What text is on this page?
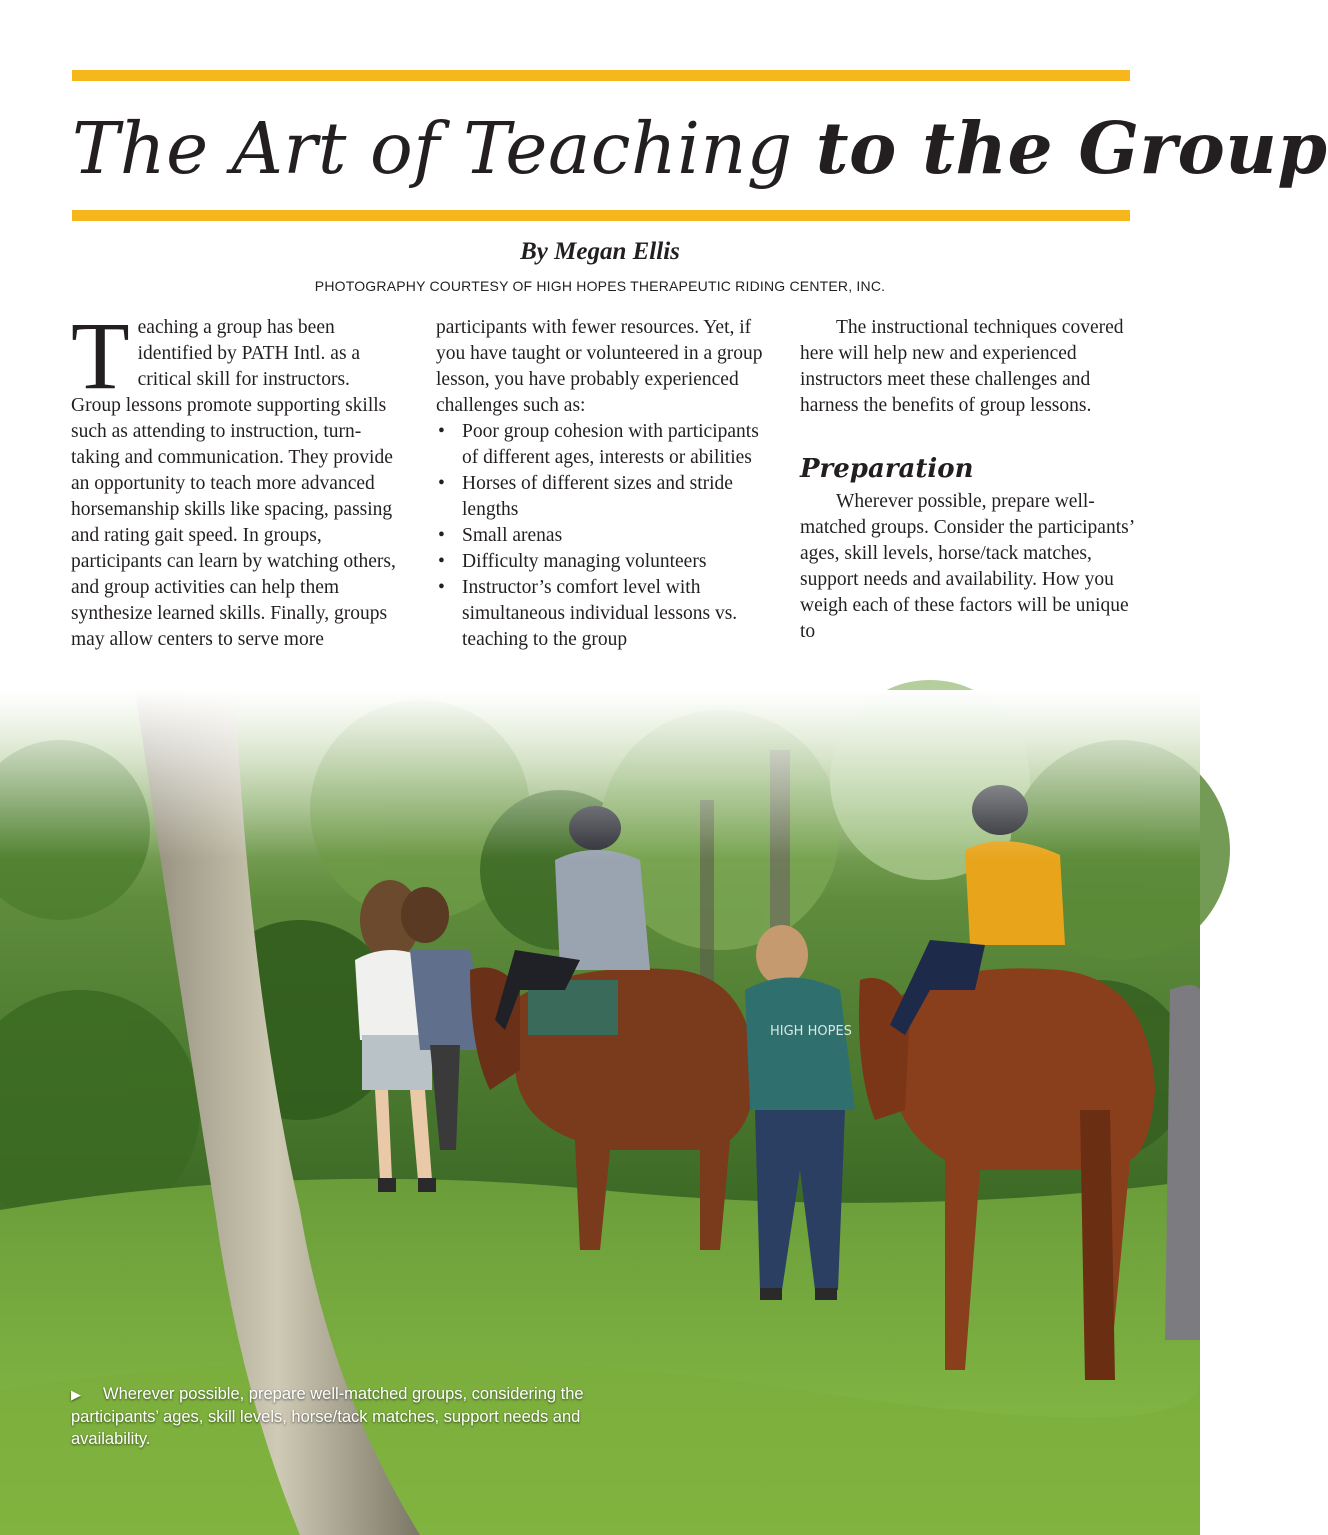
The Art of Teaching to the Group

By Megan Ellis

PHOTOGRAPHY COURTESY OF HIGH HOPES THERAPEUTIC RIDING CENTER, INC.

T eaching a group has been identified by PATH Intl. as a critical skill for instructors. Group lessons promote supporting skills such as attending to instruction, turn-taking and communication. They provide an opportunity to teach more advanced horsemanship skills like spacing, passing and rating gait speed. In groups, participants can learn by watching others, and group activities can help them synthesize learned skills. Finally, groups may allow centers to serve more

participants with fewer resources. Yet, if you have taught or volunteered in a group lesson, you have probably experienced challenges such as:

• Poor group cohesion with participants of different ages, interests or abilities
• Horses of different sizes and stride lengths
• Small arenas
• Difficulty managing volunteers
• Instructor’s comfort level with simultaneous individual lessons vs. teaching to the group

The instructional techniques covered here will help new and experienced instructors meet these challenges and harness the benefits of group lessons.

Preparation

Wherever possible, prepare well-matched groups. Consider the participants’ ages, skill levels, horse/tack matches, support needs and availability. How you weigh each of these factors will be unique to

▶ Wherever possible, prepare well-matched groups, considering the participants’ ages, skill levels, horse/tack matches, support needs and availability.
